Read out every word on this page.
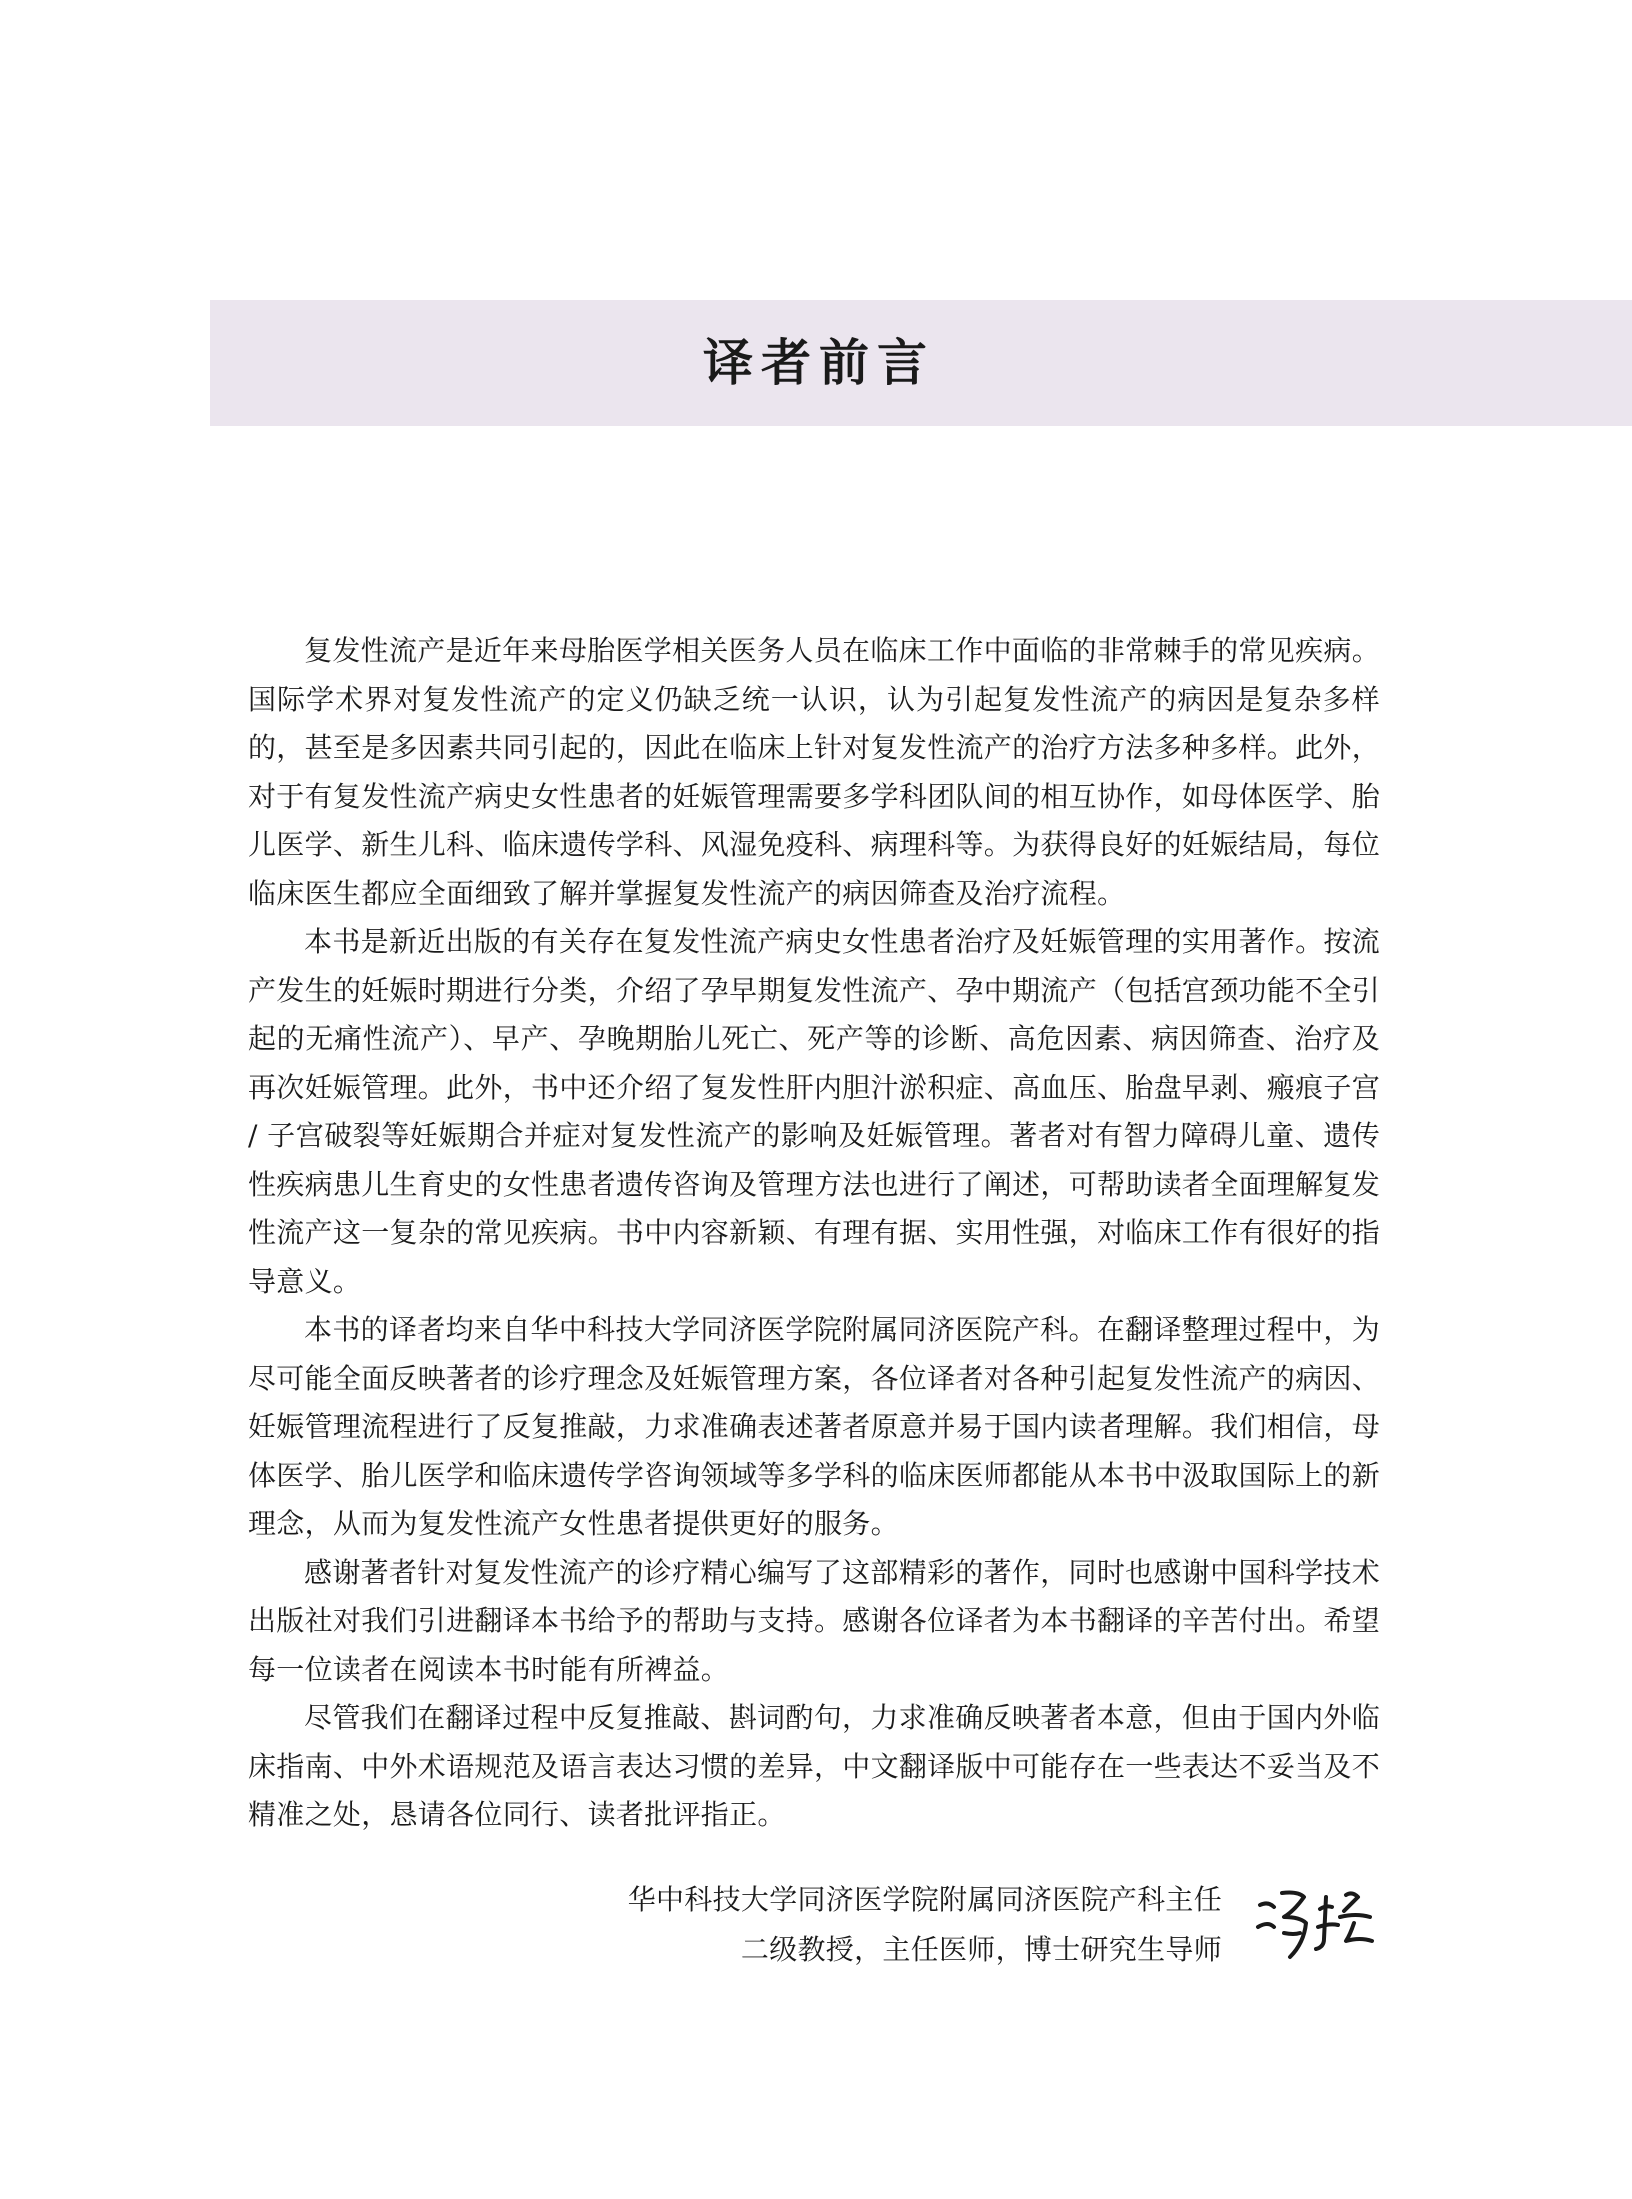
译者前言

复发性流产是近年来母胎医学相关医务人员在临床工作中面临的非常棘手的常见疾病。国际学术界对复发性流产的定义仍缺乏统一认识，认为引起复发性流产的病因是复杂多样的，甚至是多因素共同引起的，因此在临床上针对复发性流产的治疗方法多种多样。此外，对于有复发性流产病史女性患者的妊娠管理需要多学科团队间的相互协作，如母体医学、胎儿医学、新生儿科、临床遗传学科、风湿免疫科、病理科等。为获得良好的妊娠结局，每位临床医生都应全面细致了解并掌握复发性流产的病因筛查及治疗流程。

本书是新近出版的有关存在复发性流产病史女性患者治疗及妊娠管理的实用著作。按流产发生的妊娠时期进行分类，介绍了孕早期复发性流产、孕中期流产（包括宫颈功能不全引起的无痛性流产）、早产、孕晚期胎儿死亡、死产等的诊断、高危因素、病因筛查、治疗及再次妊娠管理。此外，书中还介绍了复发性肝内胆汁淤积症、高血压、胎盘早剥、瘢痕子宫 / 子宫破裂等妊娠期合并症对复发性流产的影响及妊娠管理。著者对有智力障碍儿童、遗传性疾病患儿生育史的女性患者遗传咨询及管理方法也进行了阐述，可帮助读者全面理解复发性流产这一复杂的常见疾病。书中内容新颖、有理有据、实用性强，对临床工作有很好的指导意义。

本书的译者均来自华中科技大学同济医学院附属同济医院产科。在翻译整理过程中，为尽可能全面反映著者的诊疗理念及妊娠管理方案，各位译者对各种引起复发性流产的病因、妊娠管理流程进行了反复推敲，力求准确表述著者原意并易于国内读者理解。我们相信，母体医学、胎儿医学和临床遗传学咨询领域等多学科的临床医师都能从本书中汲取国际上的新理念，从而为复发性流产女性患者提供更好的服务。

感谢著者针对复发性流产的诊疗精心编写了这部精彩的著作，同时也感谢中国科学技术出版社对我们引进翻译本书给予的帮助与支持。感谢各位译者为本书翻译的辛苦付出。希望每一位读者在阅读本书时能有所裨益。

尽管我们在翻译过程中反复推敲、斟词酌句，力求准确反映著者本意，但由于国内外临床指南、中外术语规范及语言表达习惯的差异，中文翻译版中可能存在一些表达不妥当及不精准之处，恳请各位同行、读者批评指正。

华中科技大学同济医学院附属同济医院产科主任

二级教授，主任医师，博士研究生导师
